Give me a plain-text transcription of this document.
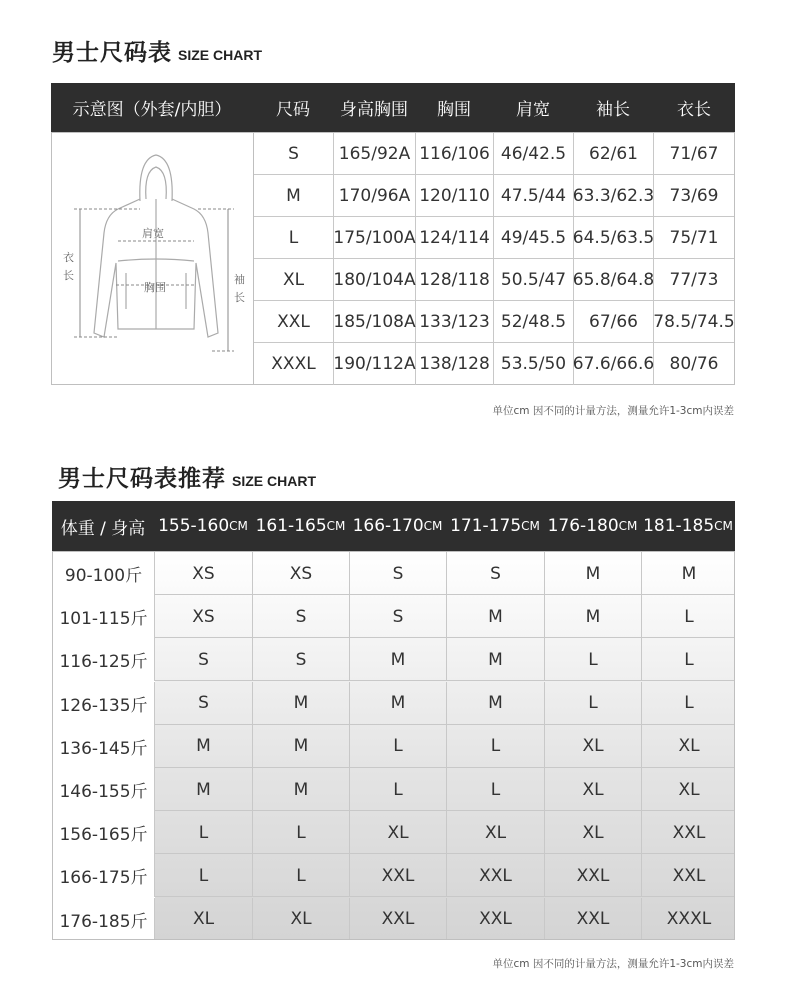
男士尺码表 SIZE CHART
示意图（外套/内胆）	尺码	身高胸围	胸围	肩宽	袖长	衣长
肩宽
胸围
衣
长	袖
长
S	165/92A 116/106 46/42.5	62/61	71/67
M	170/96A 120/110 47.5/44 63.3/62.3 73/69
L	175/100A 124/114 49/45.5 64.5/63.5 75/71
XL	180/104A 128/118 50.5/47 65.8/64.8 77/73
XXL	185/108A 133/123 52/48.5	67/66 78.5/74.5
XXXL	190/112A 138/128 53.5/50 67.6/66.6 80/76
单位cm 因不同的计量方法，测量允许1-3cm内误差
男士尺码表推荐 SIZE CHART
体重 / 身高 155-160 CM 161-165 CM 166-170 CM 171-175 CM 176-180 CM 181-185 CM
90-100斤	XS	XS	S	S	M	M
101-115斤	XS	S	S	M	M	L
116-125斤	S	S	M	M	L	L
126-135斤	S	M	M	M	L	L
136-145斤	M	M	L	L	XL	XL
146-155斤	M	M	L	L	XL	XL
156-165斤	L	L	XL	XL	XL	XXL
166-175斤	L	L	XXL	XXL	XXL	XXL
176-185斤	XL	XL	XXL	XXL	XXL	XXXL
单位cm 因不同的计量方法，测量允许1-3cm内误差
